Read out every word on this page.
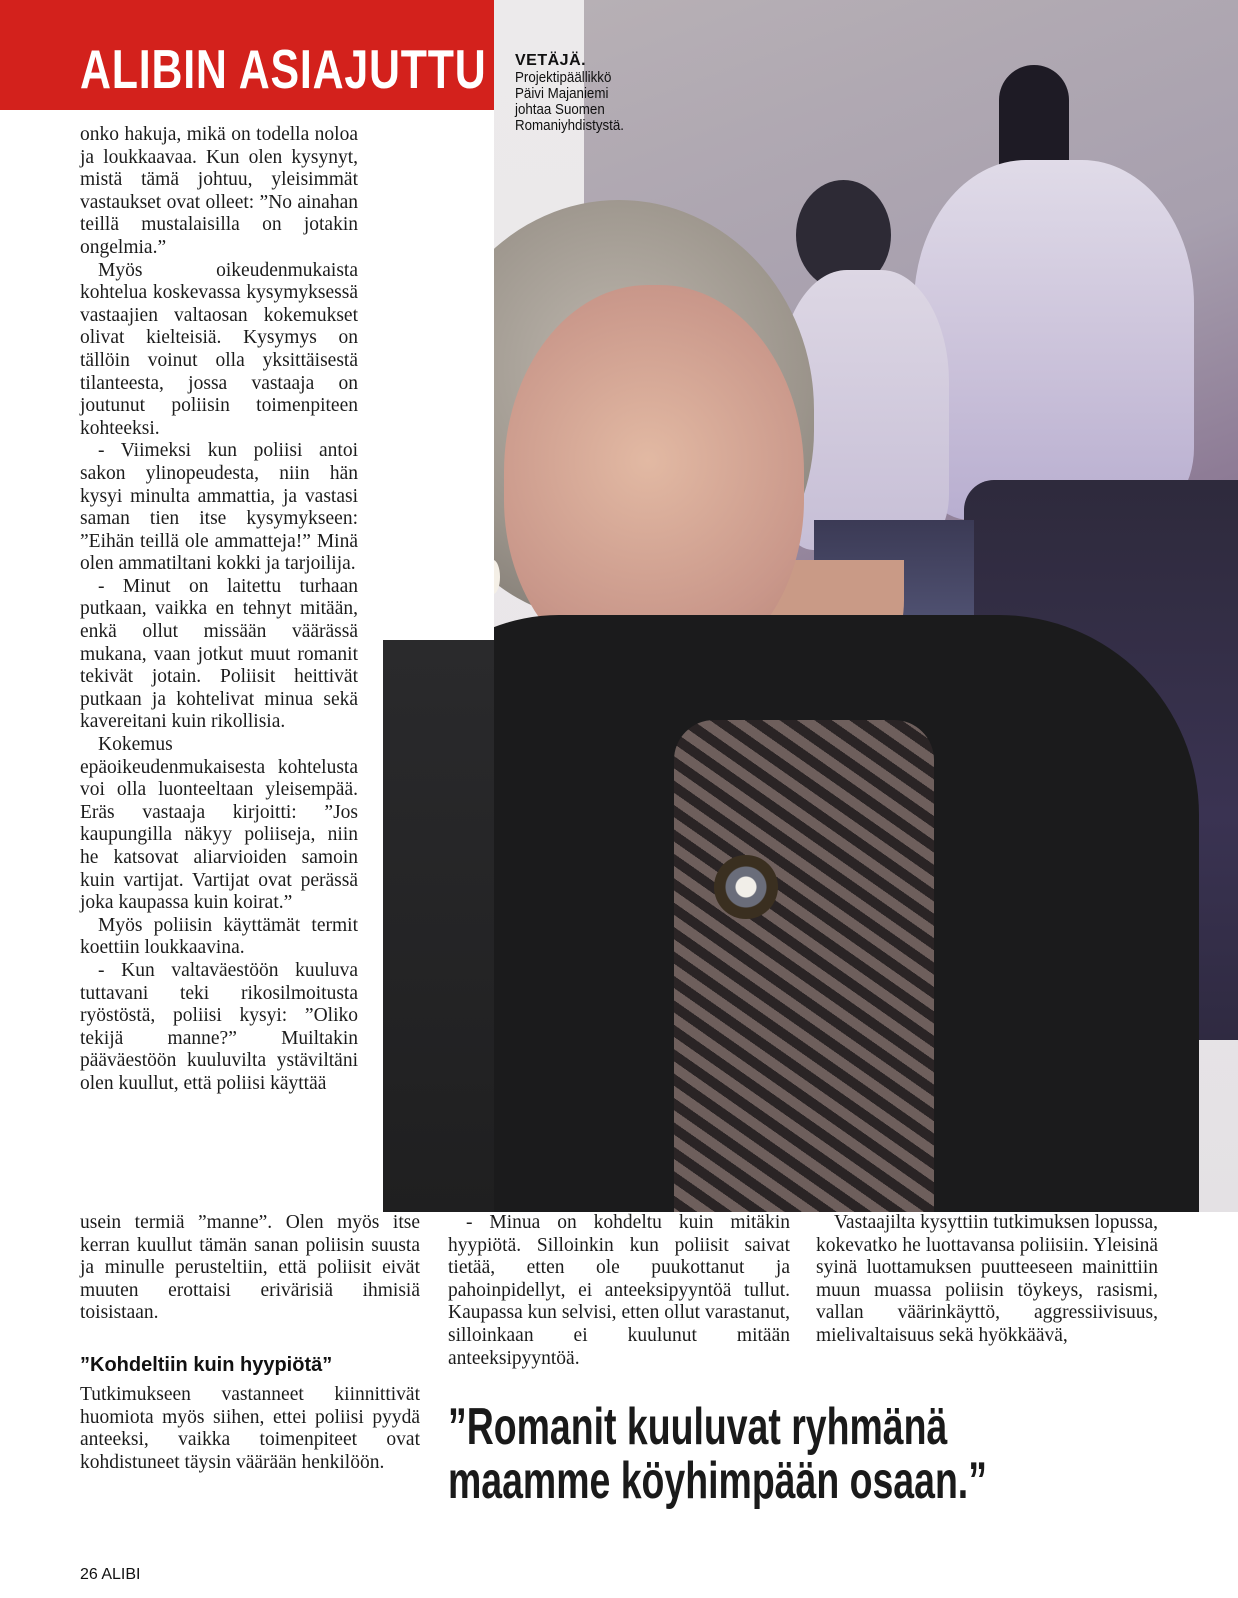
ALIBIN ASIAJUTTU VETÄJÄ.
Projektipäällikkö
Päivi Majaniemi
johtaa Suomen
Romaniyhdistystä.

onko hakuja, mikä on todella noloa ja loukkaavaa. Kun olen kysynyt, mistä tämä johtuu, yleisimmät vastaukset ovat olleet: ”No ainahan teillä mustalaisilla on jotakin ongelmia.”

Myös oikeudenmukaista kohtelua koskevassa kysymyksessä vastaajien valtaosan kokemukset olivat kielteisiä. Kysymys on tällöin voinut olla yksittäisestä tilanteesta, jossa vastaaja on joutunut poliisin toimenpiteen kohteeksi.

- Viimeksi kun poliisi antoi sakon ylinopeudesta, niin hän kysyi minulta ammattia, ja vastasi saman tien itse kysymykseen: ”Eihän teillä ole ammatteja!” Minä olen ammatiltani kokki ja tarjoilija.

- Minut on laitettu turhaan putkaan, vaikka en tehnyt mitään, enkä ollut missään väärässä mukana, vaan jotkut muut romanit tekivät jotain. Poliisit heittivät putkaan ja kohtelivat minua sekä kavereitani kuin rikollisia.

Kokemus epäoikeudenmukaisesta kohtelusta voi olla luonteeltaan yleisempää. Eräs vastaaja kirjoitti: ”Jos kaupungilla näkyy poliiseja, niin he katsovat aliarvioiden samoin kuin vartijat. Vartijat ovat perässä joka kaupassa kuin koirat.”

Myös poliisin käyttämät termit koettiin loukkaavina.

- Kun valtaväestöön kuuluva tuttavani teki rikosilmoitusta ryöstöstä, poliisi kysyi: ”Oliko tekijä manne?” Muiltakin pääväestöön kuuluvilta ystäviltäni olen kuullut, että poliisi käyttää

usein termiä ”manne”. Olen myös itse kerran kuullut tämän sanan poliisin suusta ja minulle perusteltiin, että poliisit eivät muuten erottaisi erivärisiä ihmisiä toisistaan.

”Kohdeltiin kuin hyypiötä”

Tutkimukseen vastanneet kiinnittivät huomiota myös siihen, ettei poliisi pyydä anteeksi, vaikka toimenpiteet ovat kohdistuneet täysin väärään henkilöön.

- Minua on kohdeltu kuin mitäkin hyypiötä. Silloinkin kun poliisit saivat tietää, etten ole puukottanut ja pahoinpidellyt, ei anteeksipyyntöä tullut. Kaupassa kun selvisi, etten ollut varastanut, silloinkaan ei kuulunut mitään anteeksipyyntöä.

Vastaajilta kysyttiin tutkimuksen lopussa, kokevatko he luottavansa poliisiin. Yleisinä syinä luottamuksen puutteeseen mainittiin muun muassa poliisin töykeys, rasismi, vallan väärinkäyttö, aggressiivisuus, mielivaltaisuus sekä hyökkäävä,

”Romanit kuuluvat ryhmänä
maamme köyhimpään osaan.”
26 ALIBI
